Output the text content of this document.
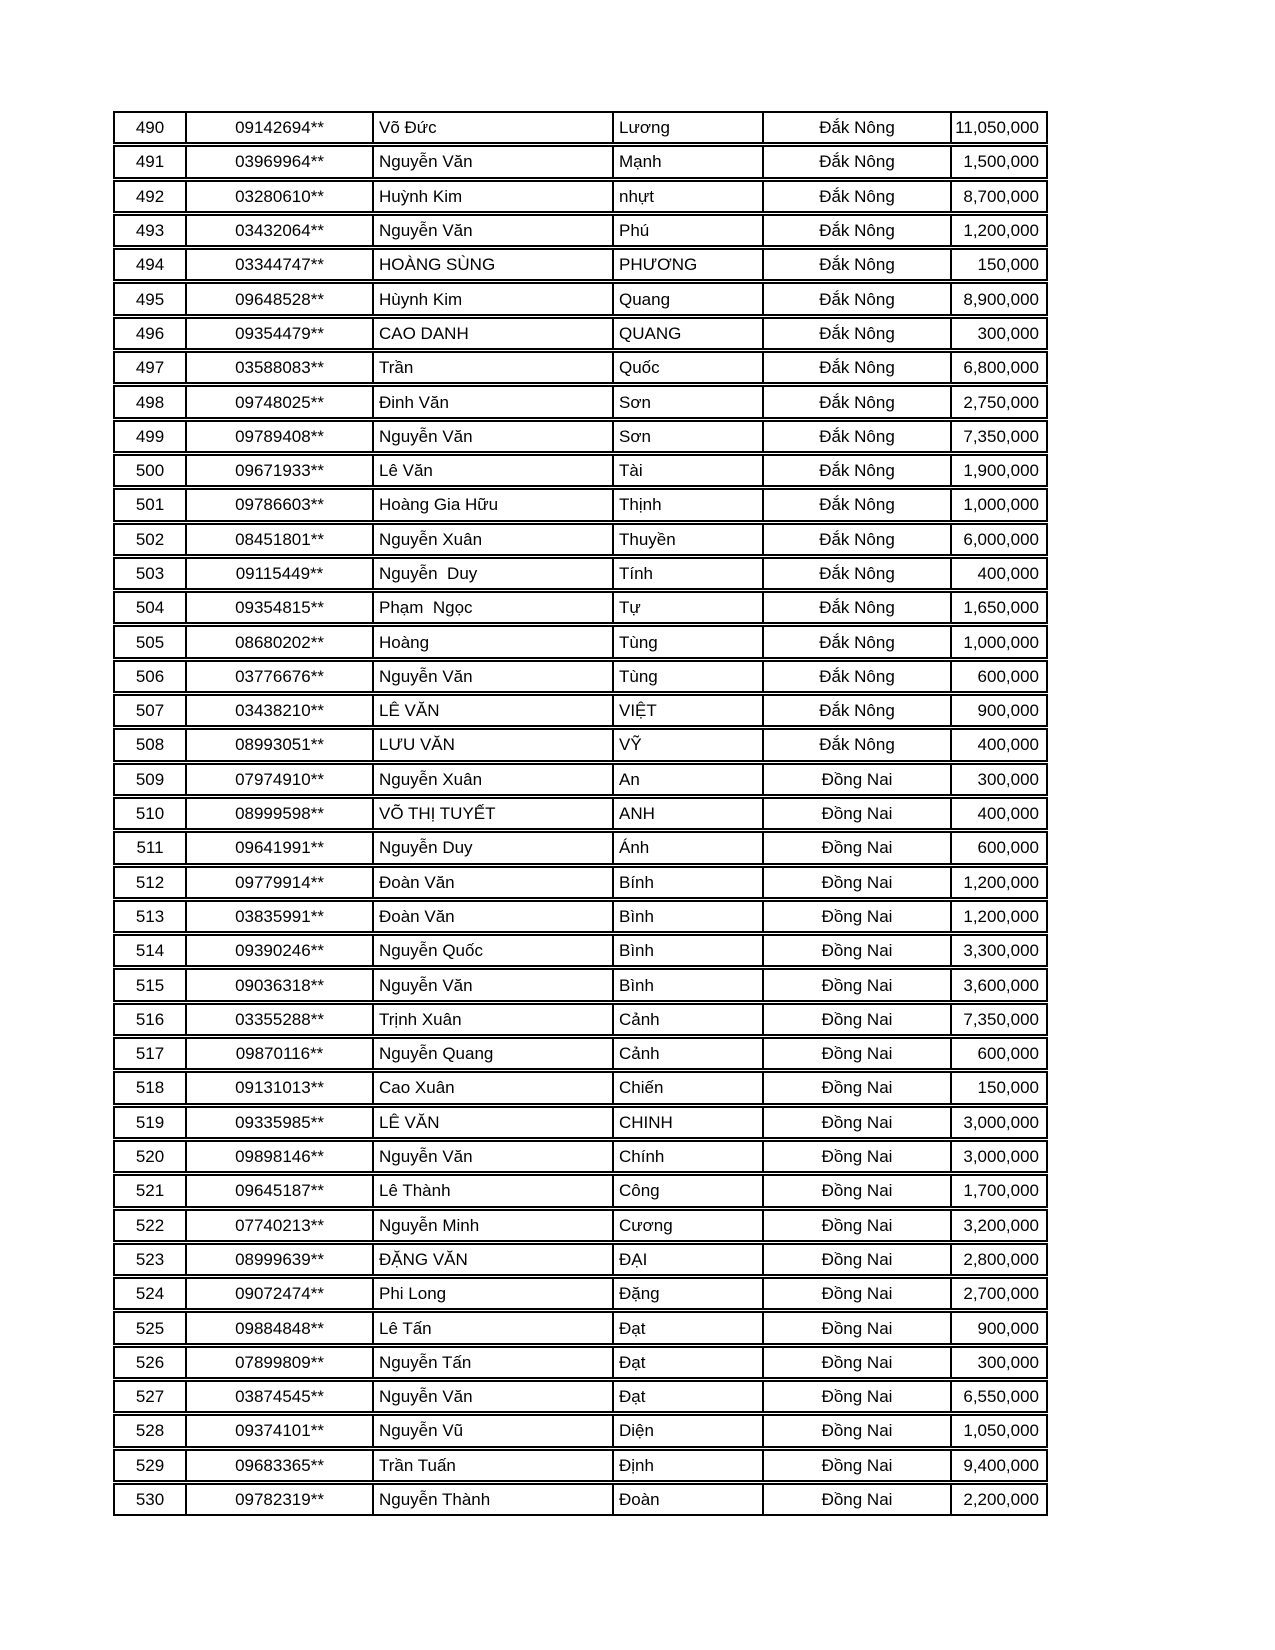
490	09142694**	Võ Đức	Lương	Đắk Nông	11,050,000
491	03969964**	Nguyễn Văn	Mạnh	Đắk Nông	1,500,000
492	03280610**	Huỳnh Kim	nhựt	Đắk Nông	8,700,000
493	03432064**	Nguyễn Văn	Phú	Đắk Nông	1,200,000
494	03344747**	HOÀNG SÙNG	PHƯƠNG	Đắk Nông	150,000
495	09648528**	Hùynh Kim	Quang	Đắk Nông	8,900,000
496	09354479**	CAO DANH	QUANG	Đắk Nông	300,000
497	03588083**	Trần	Quốc	Đắk Nông	6,800,000
498	09748025**	Đinh Văn	Sơn	Đắk Nông	2,750,000
499	09789408**	Nguyễn Văn	Sơn	Đắk Nông	7,350,000
500	09671933**	Lê Văn	Tài	Đắk Nông	1,900,000
501	09786603**	Hoàng Gia Hữu	Thịnh	Đắk Nông	1,000,000
502	08451801**	Nguyễn Xuân	Thuyền	Đắk Nông	6,000,000
503	09115449**	Nguyễn  Duy	Tính	Đắk Nông	400,000
504	09354815**	Phạm  Ngọc	Tự	Đắk Nông	1,650,000
505	08680202**	Hoàng	Tùng	Đắk Nông	1,000,000
506	03776676**	Nguyễn Văn	Tùng	Đắk Nông	600,000
507	03438210**	LÊ VĂN	VIỆT	Đắk Nông	900,000
508	08993051**	LƯU VĂN	VỸ	Đắk Nông	400,000
509	07974910**	Nguyễn Xuân	An	Đồng Nai	300,000
510	08999598**	VÕ THỊ TUYẾT	ANH	Đồng Nai	400,000
511	09641991**	Nguyễn Duy	Ánh	Đồng Nai	600,000
512	09779914**	Đoàn Văn	Bính	Đồng Nai	1,200,000
513	03835991**	Đoàn Văn	Bình	Đồng Nai	1,200,000
514	09390246**	Nguyễn Quốc	Bình	Đồng Nai	3,300,000
515	09036318**	Nguyễn Văn	Bình	Đồng Nai	3,600,000
516	03355288**	Trịnh Xuân	Cảnh	Đồng Nai	7,350,000
517	09870116**	Nguyễn Quang	Cảnh	Đồng Nai	600,000
518	09131013**	Cao Xuân	Chiến	Đồng Nai	150,000
519	09335985**	LÊ VĂN	CHINH	Đồng Nai	3,000,000
520	09898146**	Nguyễn Văn	Chính	Đồng Nai	3,000,000
521	09645187**	Lê Thành	Công	Đồng Nai	1,700,000
522	07740213**	Nguyễn Minh	Cương	Đồng Nai	3,200,000
523	08999639**	ĐẶNG VĂN	ĐẠI	Đồng Nai	2,800,000
524	09072474**	Phi Long	Đặng	Đồng Nai	2,700,000
525	09884848**	Lê Tấn	Đạt	Đồng Nai	900,000
526	07899809**	Nguyễn Tấn	Đạt	Đồng Nai	300,000
527	03874545**	Nguyễn Văn	Đạt	Đồng Nai	6,550,000
528	09374101**	Nguyễn Vũ	Diện	Đồng Nai	1,050,000
529	09683365**	Trần Tuấn	Định	Đồng Nai	9,400,000
530	09782319**	Nguyễn Thành	Đoàn	Đồng Nai	2,200,000
